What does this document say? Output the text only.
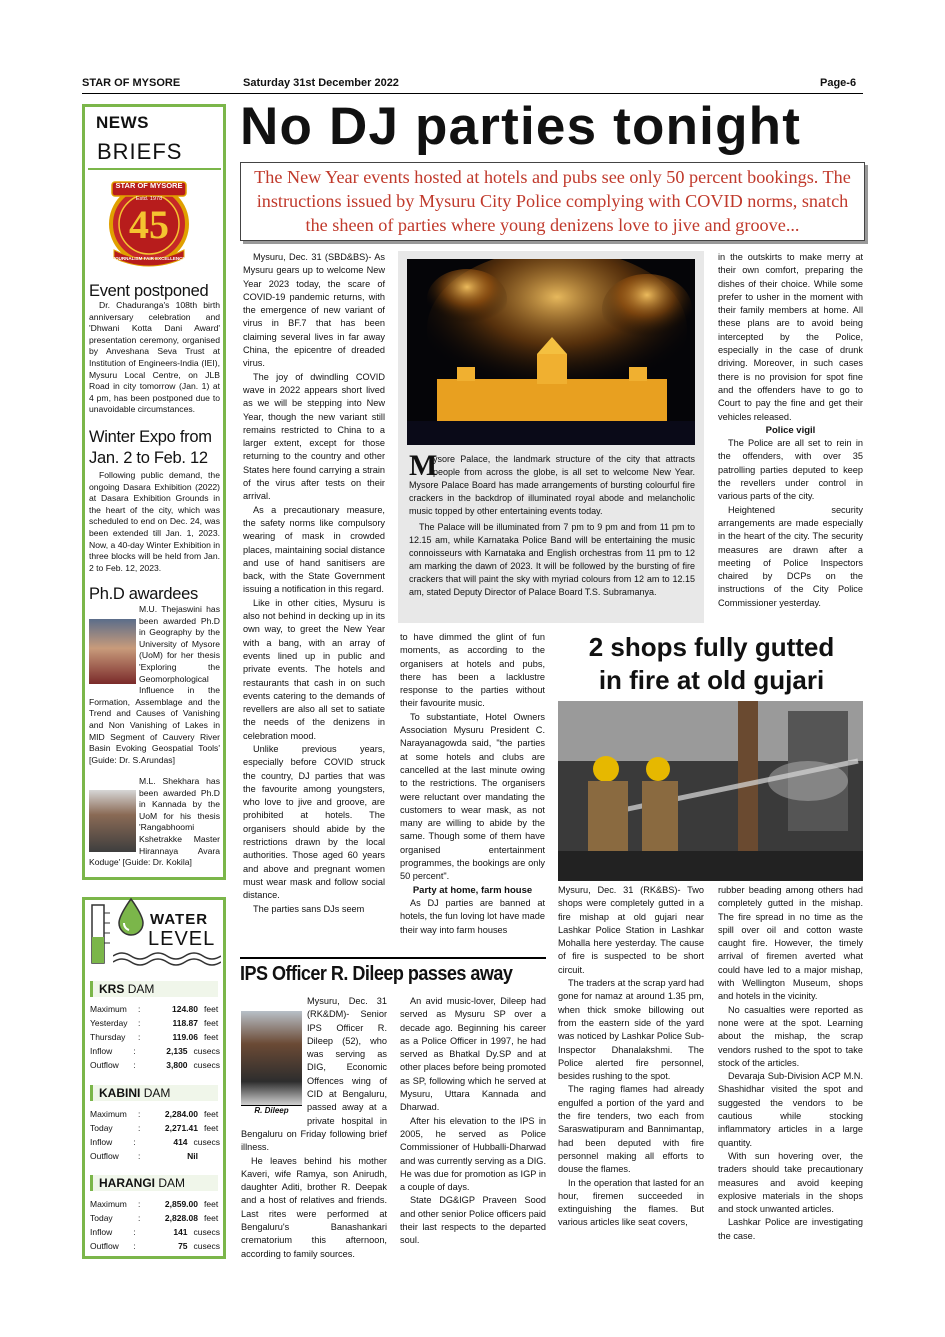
STAR OF MYSORE	Saturday 31st December 2022	Page-6
NEWS
BRIEFS
STAR OF MYSORE
Estd. 1978
45
JOURNALISM FAIR EXCELLENCE
Event postponed
Dr. Chaduranga's 108th birth anniversary celebration and 'Dhwani Kotta Dani Award' presentation ceremony, organised by Anveshana Seva Trust at Institution of Engineers-India (IEI), Mysuru Local Centre, on JLB Road in city tomorrow (Jan. 1) at 4 pm, has been postponed due to unavoidable circumstances.
Winter Expo from
Jan. 2 to Feb. 12
Following public demand, the ongoing Dasara Exhibition (2022) at Dasara Exhibition Grounds in the heart of the city, which was scheduled to end on Dec. 24, was been extended till Jan. 1, 2023. Now, a 40-day Winter Exhibition in three blocks will be held from Jan. 2 to Feb. 12, 2023.
Ph.D awardees
M.U. Thejaswini has been awarded Ph.D in Geography by the University of Mysore (UoM) for her thesis 'Exploring the Geomorphological Influence in the Formation, Assemblage and the Trend and Causes of Vanishing and Non Vanishing of Lakes in MID Segment of Cauvery River Basin Evoking Geospatial Tools' [Guide: Dr. S.Arundas]
M.L. Shekhara has been awarded Ph.D in Kannada by the UoM for his thesis 'Rangabhoomi Kshetrakke Master Hirannaya Avara Kodugе' [Guide: Dr. Kokila]
WATER
LEVEL
KRS DAM
Maximum	:	124.80 feet
Yesterday	:	118.87 feet
Thursday	:	119.06 feet
Inflow	:	2,135 cusecs
Outflow	:	3,800 cusecs
KABINI DAM
Maximum	:	2,284.00 feet
Today	:	2,271.41 feet
Inflow	:	414 cusecs
Outflow	:	Nil
HARANGI DAM
Maximum	:	2,859.00 feet
Today	:	2,828.08 feet
Inflow	:	141 cusecs
Outflow	:	75 cusecs
No DJ parties tonight
The New Year events hosted at hotels and pubs see only 50 percent bookings. The instructions issued by Mysuru City Police complying with COVID norms, snatch the sheen of parties where young denizens love to jive and groove...

Mysuru, Dec. 31 (SBD&BS)- As Mysuru gears up to welcome New Year 2023 today, the scare of COVID-19 pandemic returns, with the emergence of new variant of virus in BF.7 that has been claiming several lives in far away China, the epicentre of dreaded virus.

The joy of dwindling COVID wave in 2022 appears short lived as we will be stepping into New Year, though the new variant still remains restricted to China to a larger extent, except for those returning to the country and other States here found carrying a strain of the virus after tests on their arrival.

As a precautionary measure, the safety norms like compulsory wearing of mask in crowded places, maintaining social distance and use of hand sanitisers are back, with the State Government issuing a notification in this regard.

Like in other cities, Mysuru is also not behind in decking up in its own way, to greet the New Year with a bang, with an array of events lined up in public and private events. The hotels and restaurants that cash in on such events catering to the demands of revellers are also all set to satiate the needs of the denizens in celebration mood.

Unlike previous years, especially before COVID struck the country, DJ parties that was the favourite among youngsters, who love to jive and groove, are prohibited at hotels. The organisers should abide by the restrictions drawn by the local authorities. Those aged 60 years and above and pregnant women must wear mask and follow social distance.

The parties sans DJs seem

M
ysore Palace, the landmark structure of the city that attracts people from across the globe, is all set to welcome New Year. Mysore Palace Board has made arrangements of bursting colourful fire crackers in the backdrop of illuminated royal abode and melancholic music topped by other entertaining events today.
The Palace will be illuminated from 7 pm to 9 pm and from 11 pm to 12.15 am, while Karnataka Police Band will be entertaining the music connoisseurs with Karnataka and English orchestras from 11 pm to 12 am marking the dawn of 2023. It will be followed by the bursting of fire crackers that will paint the sky with myriad colours from 12 am to 12.15 am, stated Deputy Director of Palace Board T.S. Subramanya.

to have dimmed the glint of fun moments, as according to the organisers at hotels and pubs, there has been a lacklustre response to the parties without their favourite music.

To substantiate, Hotel Owners Association Mysuru President C. Narayanagowda said, "the parties at some hotels and clubs are cancelled at the last minute owing to the restrictions. The organisers were reluctant over mandating the customers to wear mask, as not many are willing to abide by the same. Though some of them have organised entertainment programmes, the bookings are only 50 percent".

Party at home, farm house

As DJ parties are banned at hotels, the fun loving lot have made their way into farm houses

in the outskirts to make merry at their own comfort, preparing the dishes of their choice. While some prefer to usher in the moment with their family members at home. All these plans are to avoid being intercepted by the Police, especially in the case of drunk driving. Moreover, in such cases there is no provision for spot fine and the offenders have to go to Court to pay the fine and get their vehicles released.

Police vigil

The Police are all set to rein in the offenders, with over 35 patrolling parties deputed to keep the revellers under control in various parts of the city.

Heightened security arrangements are made especially in the heart of the city. The security measures are drawn after a meeting of Police Inspectors chaired by DCPs on the instructions of the City Police Commissioner yesterday.

2 shops fully gutted
in fire at old gujari

Mysuru, Dec. 31 (RK&BS)- Two shops were completely gutted in a fire mishap at old gujari near Lashkar Police Station in Lashkar Mohalla here yesterday. The cause of fire is suspected to be short circuit.

The traders at the scrap yard had gone for namaz at around 1.35 pm, when thick smoke billowing out from the eastern side of the yard was noticed by Lashkar Police Sub-Inspector Dhanalakshmi. The Police alerted fire personnel, besides rushing to the spot.

The raging flames had already engulfed a portion of the yard and the fire tenders, two each from Saraswatipuram and Bannimantap, had been deputed with fire personnel making all efforts to douse the flames.

In the operation that lasted for an hour, firemen succeeded in extinguishing the flames. But various articles like seat covers,

rubber beading among others had completely gutted in the mishap. The fire spread in no time as the spill over oil and cotton waste caught fire. However, the timely arrival of firemen averted what could have led to a major mishap, with Wellington Museum, shops and hotels in the vicinity.

No casualties were reported as none were at the spot. Learning about the mishap, the scrap vendors rushed to the spot to take stock of the articles.

Devaraja Sub-Division ACP M.N. Shashidhar visited the spot and suggested the vendors to be cautious while stocking inflammatory articles in a large quantity.

With sun hovering over, the traders should take precautionary measures and avoid keeping explosive materials in the shops and stock unwanted articles.

Lashkar Police are investigating the case.

IPS Officer R. Dileep passes away
R. Dileep

Mysuru, Dec. 31 (RK&DM)- Senior IPS Officer R. Dileep (52), who was serving as DIG, Economic Offences wing of CID at Bengaluru, passed away at a private hospital in Bengaluru on Friday following brief illness.

He leaves behind his mother Kaveri, wife Ramya, son Anirudh, daughter Aditi, brother R. Deepak and a host of relatives and friends. Last rites were performed at Bengaluru's Banashankari crematorium this afternoon, according to family sources.

An avid music-lover, Dileep had served as Mysuru SP over a decade ago. Beginning his career as a Police Officer in 1997, he had served as Bhatkal Dy.SP and at other places before being promoted as SP, following which he served at Mysuru, Uttara Kannada and Dharwad.

After his elevation to the IPS in 2005, he served as Police Commissioner of Hubballi-Dharwad and was currently serving as a DIG. He was due for promotion as IGP in a couple of days.

State DG&IGP Praveen Sood and other senior Police officers paid their last respects to the departed soul.
